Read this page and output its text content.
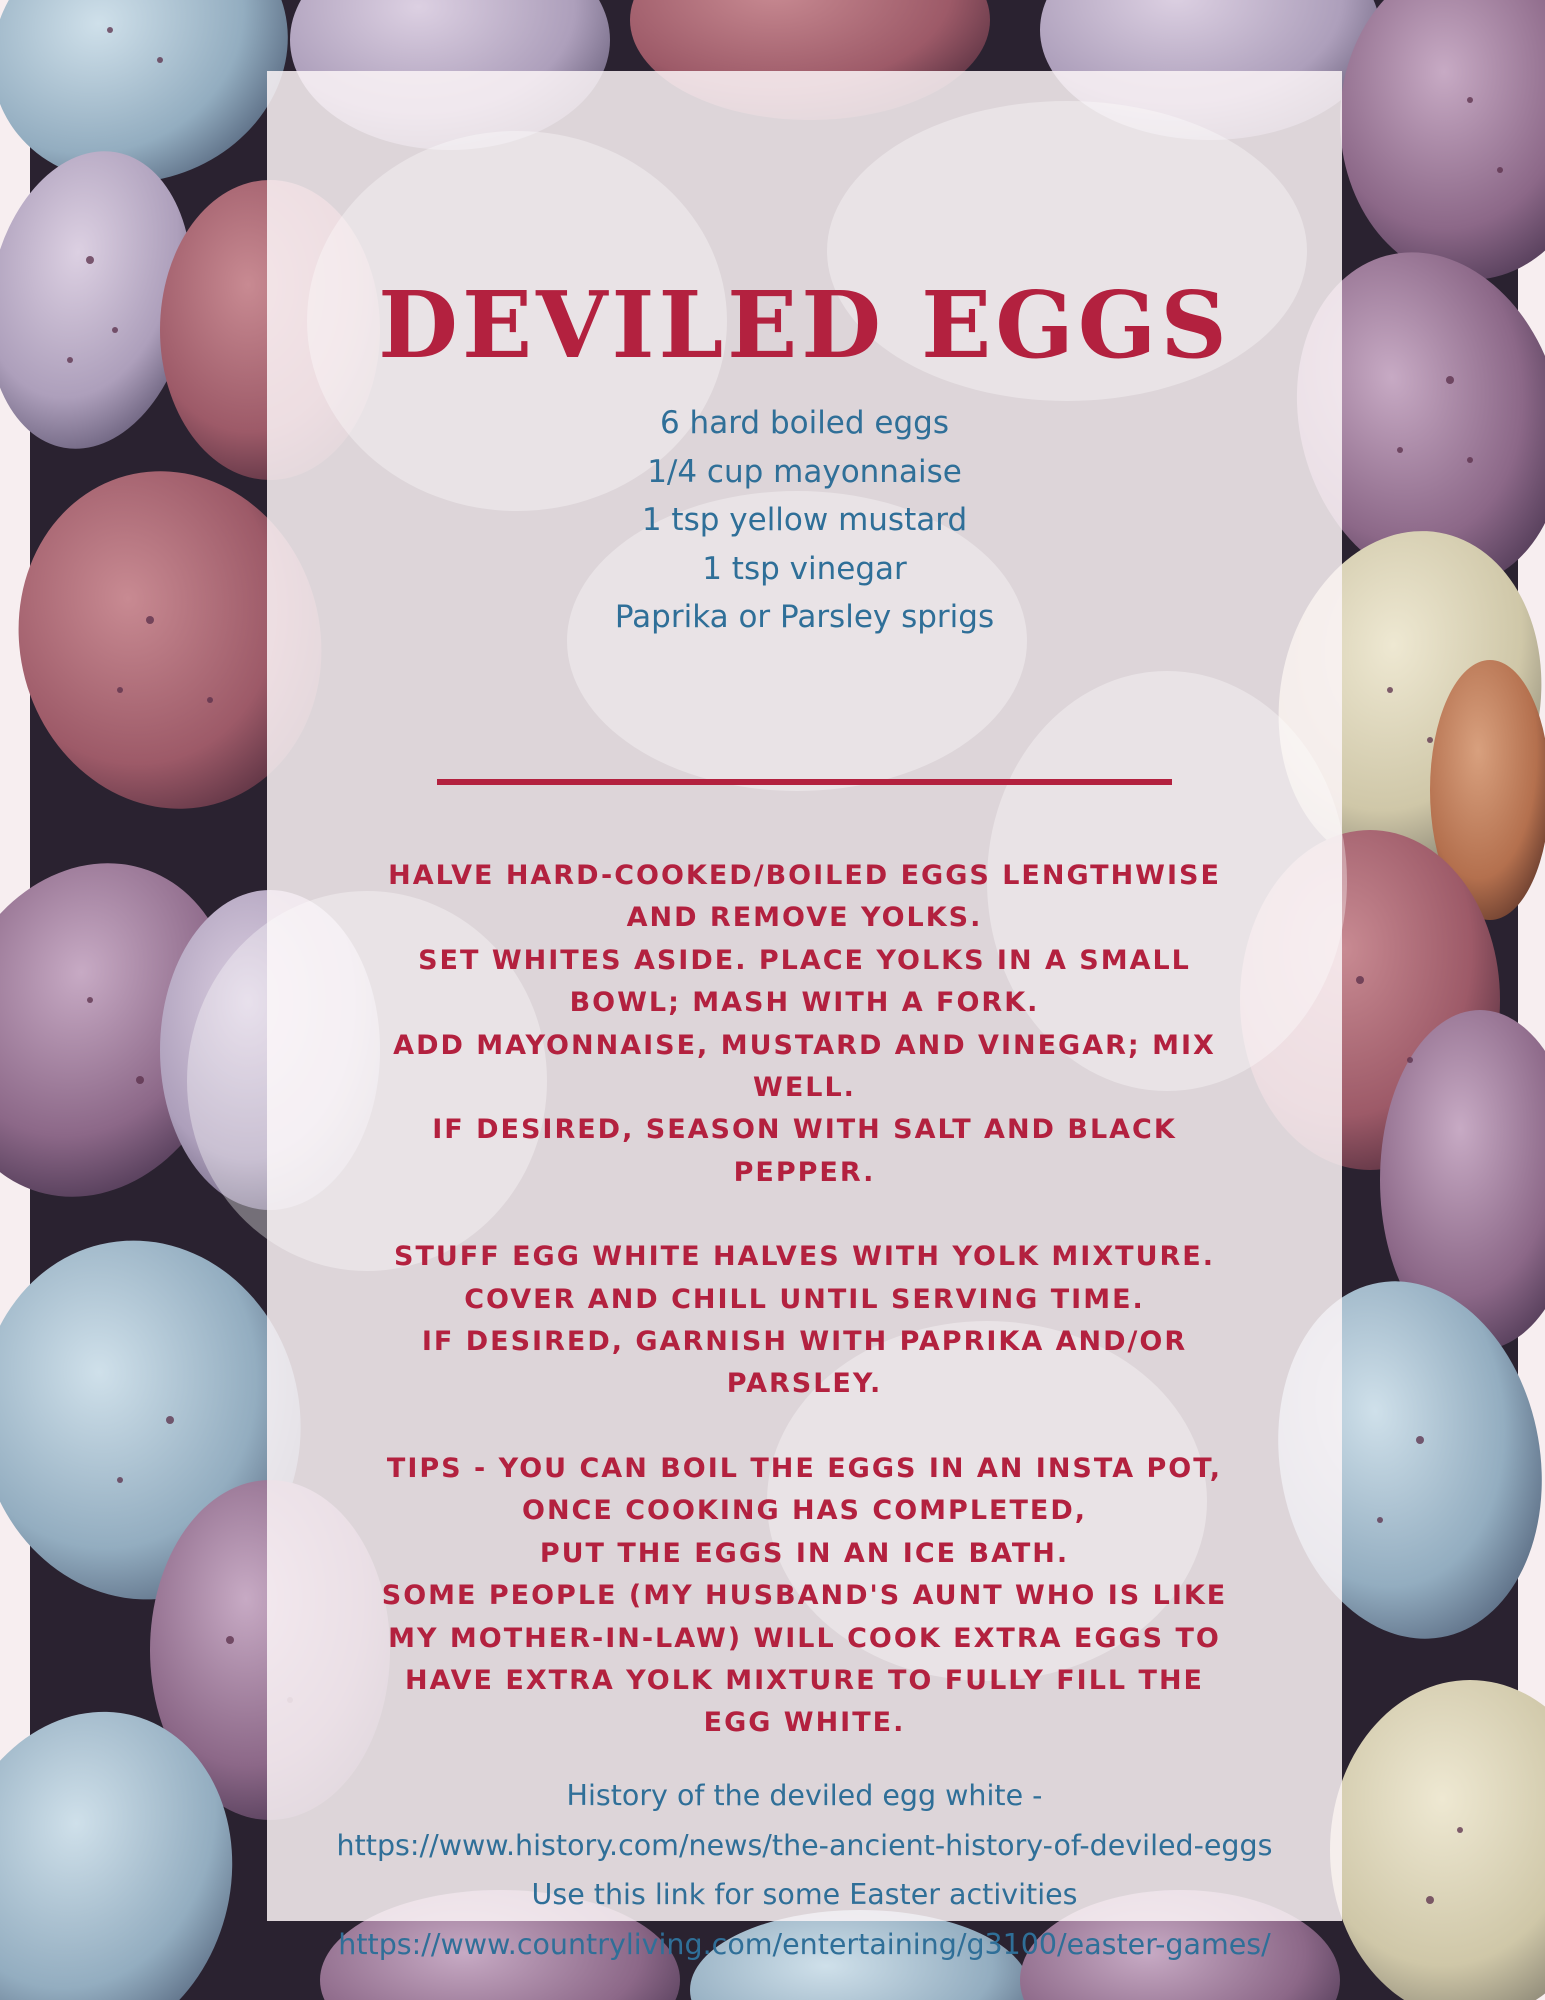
DEVILED EGGS
6 hard boiled eggs
1/4 cup mayonnaise
1 tsp yellow mustard
1 tsp vinegar
Paprika or Parsley sprigs
HALVE HARD-COOKED/BOILED EGGS LENGTHWISE
AND REMOVE YOLKS.
SET WHITES ASIDE. PLACE YOLKS IN A SMALL
BOWL; MASH WITH A FORK.
ADD MAYONNAISE, MUSTARD AND VINEGAR; MIX
WELL.
IF DESIRED, SEASON WITH SALT AND BLACK
PEPPER.
STUFF EGG WHITE HALVES WITH YOLK MIXTURE.
COVER AND CHILL UNTIL SERVING TIME.
IF DESIRED, GARNISH WITH PAPRIKA AND/OR
PARSLEY.
TIPS - YOU CAN BOIL THE EGGS IN AN INSTA POT,
ONCE COOKING HAS COMPLETED,
PUT THE EGGS IN AN ICE BATH.
SOME PEOPLE (MY HUSBAND'S AUNT WHO IS LIKE
MY MOTHER-IN-LAW) WILL COOK EXTRA EGGS TO
HAVE EXTRA YOLK MIXTURE TO FULLY FILL THE
EGG WHITE.
History of the deviled egg white -
https://www.history.com/news/the-ancient-history-of-deviled-eggs
Use this link for some Easter activities
https://www.countryliving.com/entertaining/g3100/easter-games/
